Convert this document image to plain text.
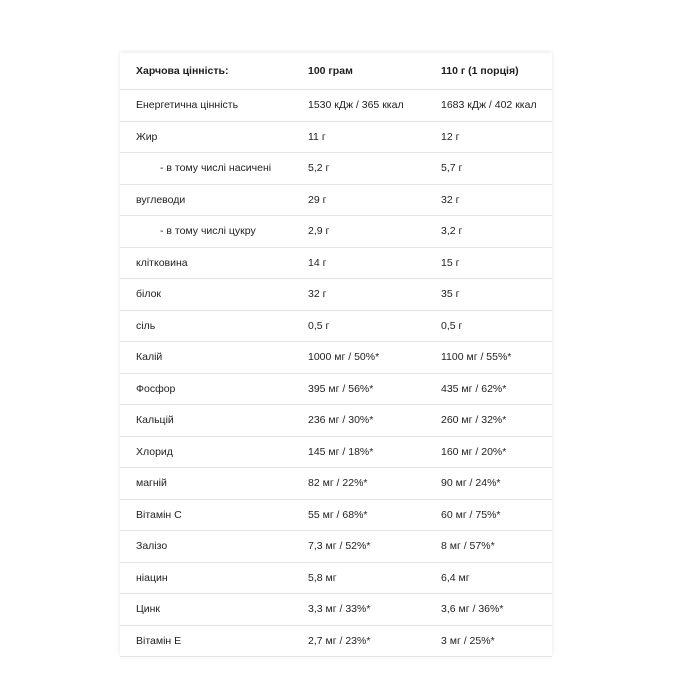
Харчова цінність:	100 грам	110 г (1 порція)
Енергетична цінність	1530 кДж / 365 ккал	1683 кДж / 402 ккал
Жир	11 г	12 г
- в тому числі насичені	5,2 г	5,7 г
вуглеводи	29 г	32 г
- в тому числі цукру	2,9 г	3,2 г
клітковина	14 г	15 г
білок	32 г	35 г
сіль	0,5 г	0,5 г
Калій	1000 мг / 50%*	1100 мг / 55%*
Фосфор	395 мг / 56%*	435 мг / 62%*
Кальцій	236 мг / 30%*	260 мг / 32%*
Хлорид	145 мг / 18%*	160 мг / 20%*
магній	82 мг / 22%*	90 мг / 24%*
Вітамін С	55 мг / 68%*	60 мг / 75%*
Залізо	7,3 мг / 52%*	8 мг / 57%*
ніацин	5,8 мг	6,4 мг
Цинк	3,3 мг / 33%*	3,6 мг / 36%*
Вітамін Е	2,7 мг / 23%*	3 мг / 25%*
